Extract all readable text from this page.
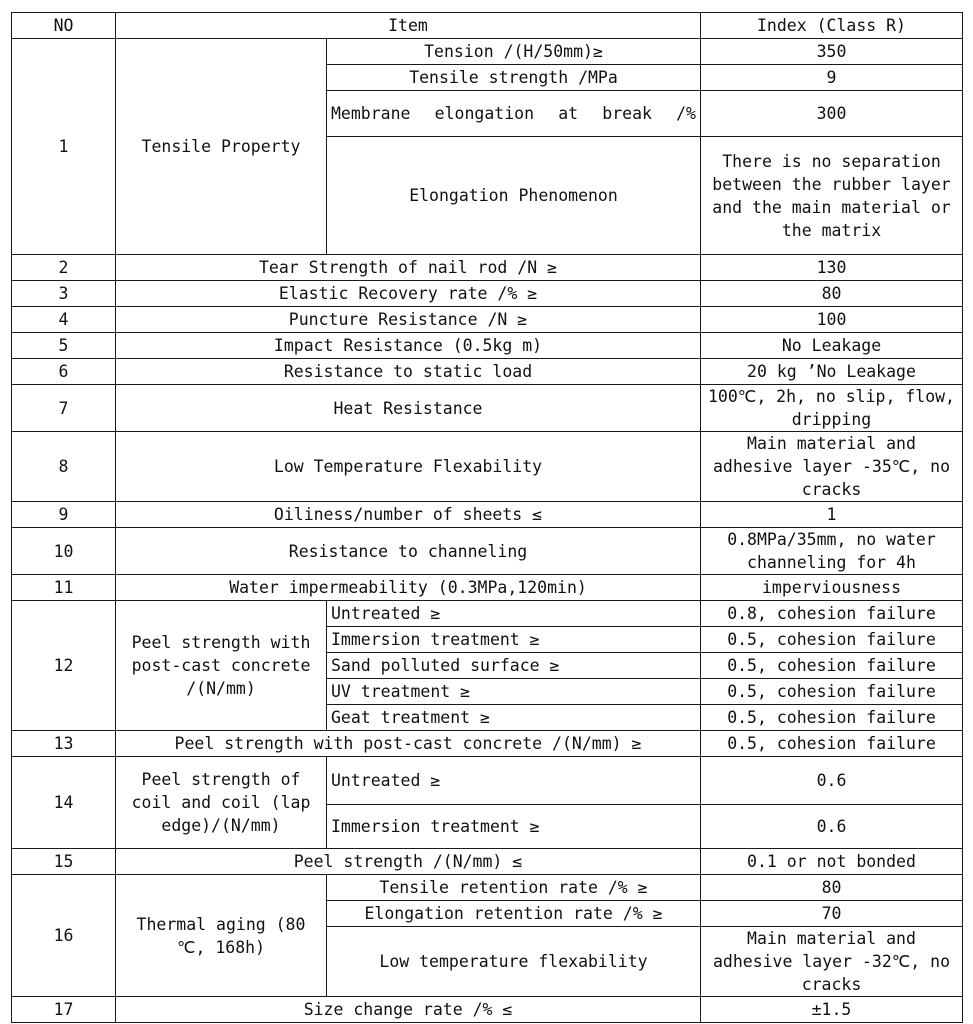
NO	Item		Index (Class R)
1	Tensile Property	Tension /(H/50mm)≥	350
		Tensile strength /MPa	9
		Membrane elongation at break /%	300
		Elongation Phenomenon	There is no separation between the rubber layer and the main material or the matrix
2	Tear Strength of nail rod /N ≥		130
3	Elastic Recovery rate /% ≥		80
4	Puncture Resistance /N ≥		100
5	Impact Resistance (0.5kg m)		No Leakage
6	Resistance to static load		20 kg ’No Leakage
7	Heat Resistance		100℃, 2h, no slip, flow, dripping
8	Low Temperature Flexability		Main material and adhesive layer -35℃, no cracks
9	Oiliness/number of sheets ≤		1
10	Resistance to channeling		0.8MPa/35mm, no water channeling for 4h
11	Water impermeability (0.3MPa,120min)		imperviousness
12	Peel strength with post-cast concrete /(N/mm)	Untreated ≥	0.8, cohesion failure
		Immersion treatment ≥	0.5, cohesion failure
		Sand polluted surface ≥	0.5, cohesion failure
		UV treatment ≥	0.5, cohesion failure
		Geat treatment ≥	0.5, cohesion failure
13	Peel strength with post-cast concrete /(N/mm) ≥		0.5, cohesion failure
14	Peel strength of coil and coil (lap edge)/(N/mm)	Untreated ≥	0.6
		Immersion treatment ≥	0.6
15	Peel strength /(N/mm) ≤		0.1 or not bonded
16	Thermal aging (80 ℃, 168h)	Tensile retention rate /% ≥	80
		Elongation retention rate /% ≥	70
		Low temperature flexability	Main material and adhesive layer -32℃, no cracks
17	Size change rate /% ≤		±1.5
